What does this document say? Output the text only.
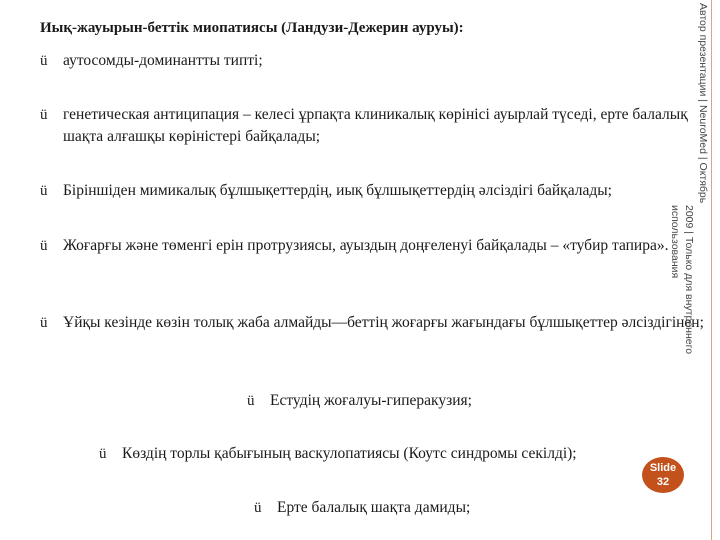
Иық-жауырын-беттік миопатиясы (Ландузи-Дежерин ауруы):
ü аутосомды-доминантты типті;
ü генетическая антиципация – келесі ұрпақта клиникалық көрінісі ауырлай түседі, ерте балалық шақта алғашқы көріністері байқалады;
ü Біріншіден мимикалық бұлшықеттердің, иық бұлшықеттердің әлсіздігі байқалады;
ü Жоғарғы және төменгі ерін протрузиясы, ауыздың доңғеленуі байқалады – «тубир тапира».
ü Ұйқы кезінде көзін толық жаба алмайды—беттің жоғарғы жағындағы бұлшықеттер әлсіздігінен;
ü Естудің жоғалуы-гиперакузия;
ü Көздің торлы қабығының васкулопатиясы (Коутс синдромы секілді);
ü Ерте балалық шақта дамиды;
Автор презентации | NeuroMed | Октябрь
2009 | Только для внутреннего
использования
Slide
32
